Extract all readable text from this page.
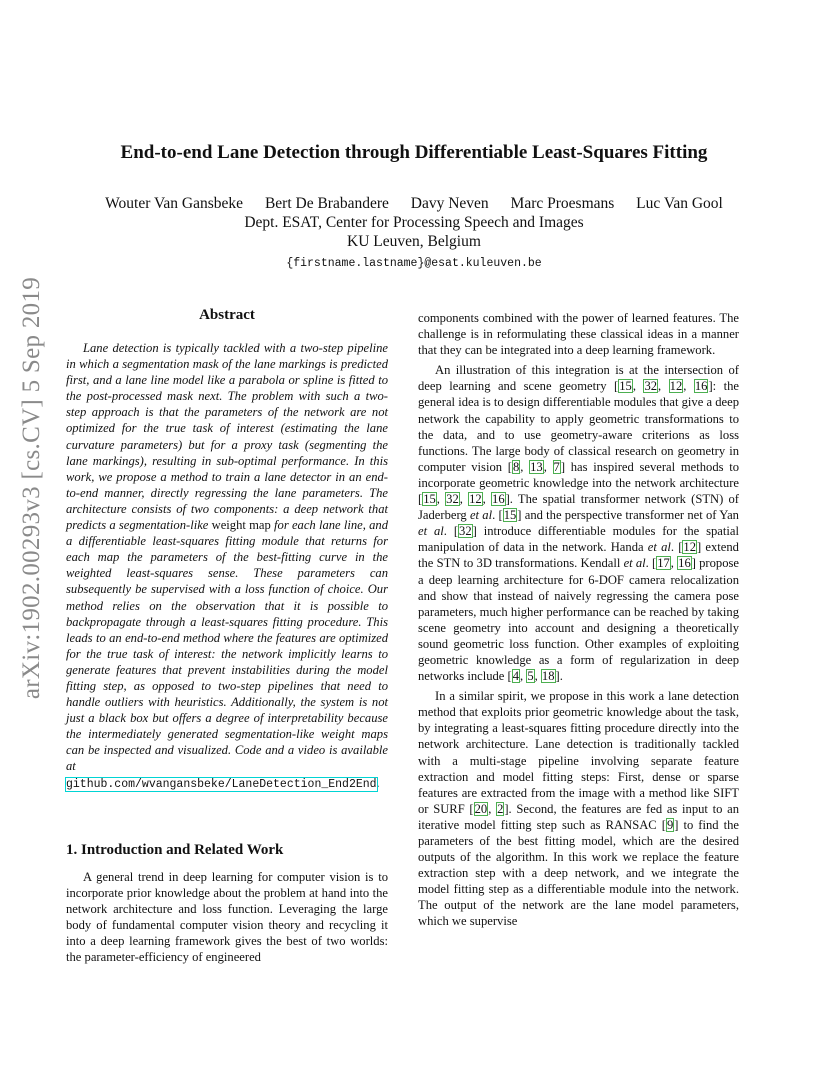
arXiv:1902.00293v3 [cs.CV] 5 Sep 2019
End-to-end Lane Detection through Differentiable Least-Squares Fitting
Wouter Van Gansbeke Bert De Brabandere Davy Neven Marc Proesmans Luc Van Gool
Dept. ESAT, Center for Processing Speech and Images
KU Leuven, Belgium
{firstname.lastname}@esat.kuleuven.be
Abstract

Lane detection is typically tackled with a two-step pipeline in which a segmentation mask of the lane markings is predicted first, and a lane line model like a parabola or spline is fitted to the post-processed mask next. The problem with such a two-step approach is that the parameters of the network are not optimized for the true task of interest (estimating the lane curvature parameters) but for a proxy task (segmenting the lane markings), resulting in sub-optimal performance. In this work, we propose a method to train a lane detector in an end-to-end manner, directly regressing the lane parameters. The architecture consists of two components: a deep network that predicts a segmentation-like weight map for each lane line, and a differentiable least-squares fitting module that returns for each map the parameters of the best-fitting curve in the weighted least-squares sense. These parameters can subsequently be supervised with a loss function of choice. Our method relies on the observation that it is possible to backpropagate through a least-squares fitting procedure. This leads to an end-to-end method where the features are optimized for the true task of interest: the network implicitly learns to generate features that prevent instabilities during the model fitting step, as opposed to two-step pipelines that need to handle outliers with heuristics. Additionally, the system is not just a black box but offers a degree of interpretability because the intermediately generated segmentation-like weight maps can be inspected and visualized. Code and a video is available at github.com/wvangansbeke/LaneDetection_End2End.

1. Introduction and Related Work

A general trend in deep learning for computer vision is to incorporate prior knowledge about the problem at hand into the network architecture and loss function. Leveraging the large body of fundamental computer vision theory and recycling it into a deep learning framework gives the best of two worlds: the parameter-efficiency of engineered

components combined with the power of learned features. The challenge is in reformulating these classical ideas in a manner that they can be integrated into a deep learning framework.

An illustration of this integration is at the intersection of deep learning and scene geometry [15, 32, 12, 16]: the general idea is to design differentiable modules that give a deep network the capability to apply geometric transformations to the data, and to use geometry-aware criterions as loss functions. The large body of classical research on geometry in computer vision [8, 13, 7] has inspired several methods to incorporate geometric knowledge into the network architecture [15, 32, 12, 16]. The spatial transformer network (STN) of Jaderberg et al. [15] and the perspective transformer net of Yan et al. [32] introduce differentiable modules for the spatial manipulation of data in the network. Handa et al. [12] extend the STN to 3D transformations. Kendall et al. [17, 16] propose a deep learning architecture for 6-DOF camera relocalization and show that instead of naively regressing the camera pose parameters, much higher performance can be reached by taking scene geometry into account and designing a theoretically sound geometric loss function. Other examples of exploiting geometric knowledge as a form of regularization in deep networks include [4, 5, 18].

In a similar spirit, we propose in this work a lane detection method that exploits prior geometric knowledge about the task, by integrating a least-squares fitting procedure directly into the network architecture. Lane detection is traditionally tackled with a multi-stage pipeline involving separate feature extraction and model fitting steps: First, dense or sparse features are extracted from the image with a method like SIFT or SURF [20, 2]. Second, the features are fed as input to an iterative model fitting step such as RANSAC [9] to find the parameters of the best fitting model, which are the desired outputs of the algorithm. In this work we replace the feature extraction step with a deep network, and we integrate the model fitting step as a differentiable module into the network. The output of the network are the lane model parameters, which we supervise
